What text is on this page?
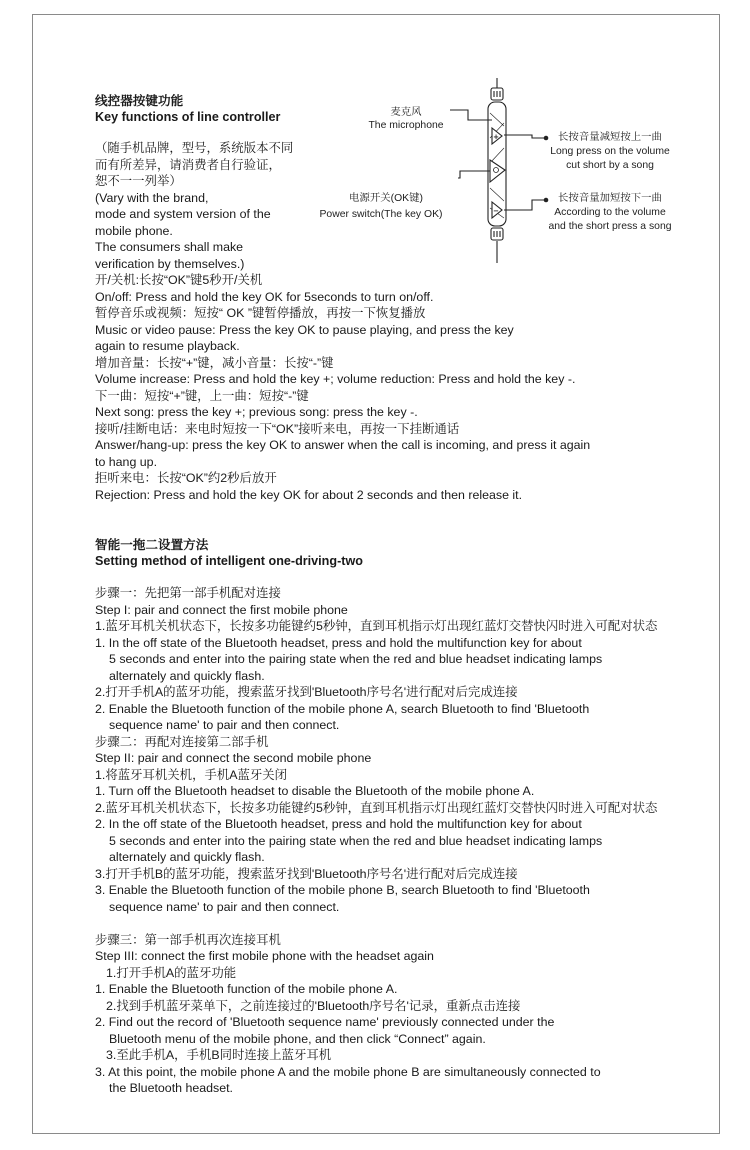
线控器按键功能

Key functions of line controller

（随手机品牌，型号，系统版本不同

而有所差异，请消费者自行验证，

恕不一一列举）

(Vary with the brand,

mode and system version of the

mobile phone.

The consumers shall make

verification by themselves.)

+
−
麦克风
The microphone
长按音量减短按上一曲
Long press on the volume
cut short by a song
电源开关(OK键)
Power switch(The key OK)
长按音量加短按下一曲
According to the volume
and the short press a song

开/关机:长按“OK”键5秒开/关机

On/off: Press and hold the key OK for 5seconds to turn on/off.

暂停音乐或视频：短按“ OK ”键暂停播放，再按一下恢复播放

Music or video pause: Press the key OK to pause playing, and press the key

again to resume playback.

增加音量：长按“+”键，减小音量：长按“-”键

Volume increase: Press and hold the key +; volume reduction: Press and hold the key -.

下一曲：短按“+”键，上一曲：短按“-”键

Next song: press the key +; previous song: press the key -.

接听/挂断电话：来电时短按一下“OK”接听来电，再按一下挂断通话

Answer/hang-up: press the key OK to answer when the call is incoming, and press it again

to hang up.

拒听来电：长按“OK”约2秒后放开

Rejection: Press and hold the key OK for about 2 seconds and then release it.

智能一拖二设置方法

Setting method of intelligent one-driving-two

步骤一：先把第一部手机配对连接

Step I: pair and connect the first mobile phone

1.蓝牙耳机关机状态下，长按多功能键约5秒钟，直到耳机指示灯出现红蓝灯交替快闪时进入可配对状态

1. In the off state of the Bluetooth headset, press and hold the multifunction key for about

5 seconds and enter into the pairing state when the red and blue headset indicating lamps

alternately and quickly flash.

2.打开手机A的蓝牙功能，搜索蓝牙找到'Bluetooth序号名'进行配对后完成连接

2. Enable the Bluetooth function of the mobile phone A, search Bluetooth to find 'Bluetooth

sequence name' to pair and then connect.

步骤二：再配对连接第二部手机

Step II: pair and connect the second mobile phone

1.将蓝牙耳机关机，手机A蓝牙关闭

1. Turn off the Bluetooth headset to disable the Bluetooth of the mobile phone A.

2.蓝牙耳机关机状态下，长按多功能键约5秒钟，直到耳机指示灯出现红蓝灯交替快闪时进入可配对状态

2. In the off state of the Bluetooth headset, press and hold the multifunction key for about

5 seconds and enter into the pairing state when the red and blue headset indicating lamps

alternately and quickly flash.

3.打开手机B的蓝牙功能，搜索蓝牙找到'Bluetooth序号名'进行配对后完成连接

3. Enable the Bluetooth function of the mobile phone B, search Bluetooth to find 'Bluetooth

sequence name' to pair and then connect.

步骤三：第一部手机再次连接耳机

Step III: connect the first mobile phone with the headset again

1.打开手机A的蓝牙功能

1. Enable the Bluetooth function of the mobile phone A.

2.找到手机蓝牙菜单下，之前连接过的'Bluetooth序号名'记录，重新点击连接

2. Find out the record of 'Bluetooth sequence name' previously connected under the

Bluetooth menu of the mobile phone, and then click “Connect” again.

3.至此手机A，手机B同时连接上蓝牙耳机

3. At this point, the mobile phone A and the mobile phone B are simultaneously connected to

the Bluetooth headset.
